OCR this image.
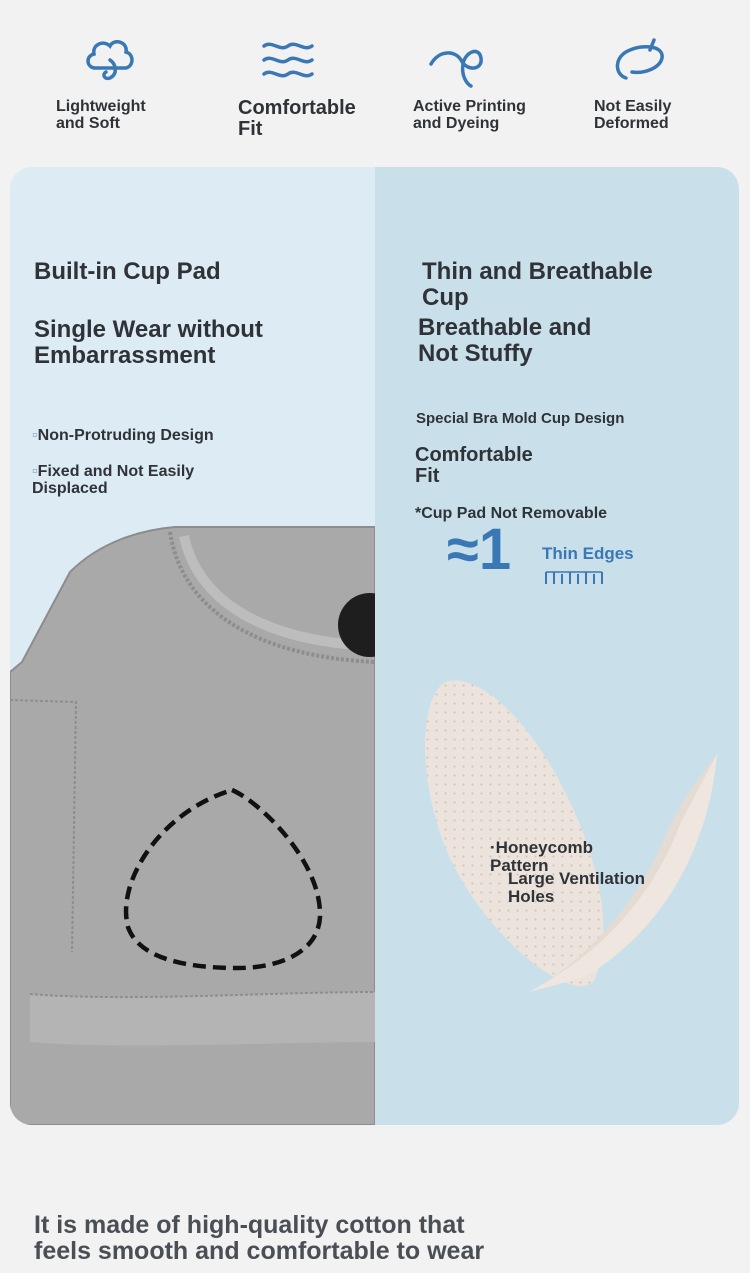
Lightweight
and Soft
Comfortable
Fit
Active Printing
and Dyeing
Not Easily
Deformed
Built-in Cup Pad
Single Wear without
Embarrassment

▫Non-Protruding Design

▫Fixed and Not Easily
Displaced

Thin and Breathable
Cup
Breathable and
Not Stuffy
Special Bra Mold Cup Design
Comfortable
Fit
*Cup Pad Not Removable
·Honeycomb
Pattern
Large Ventilation
Holes
≈1 Thin Edges
It is made of high-quality cotton that
feels smooth and comfortable to wear
